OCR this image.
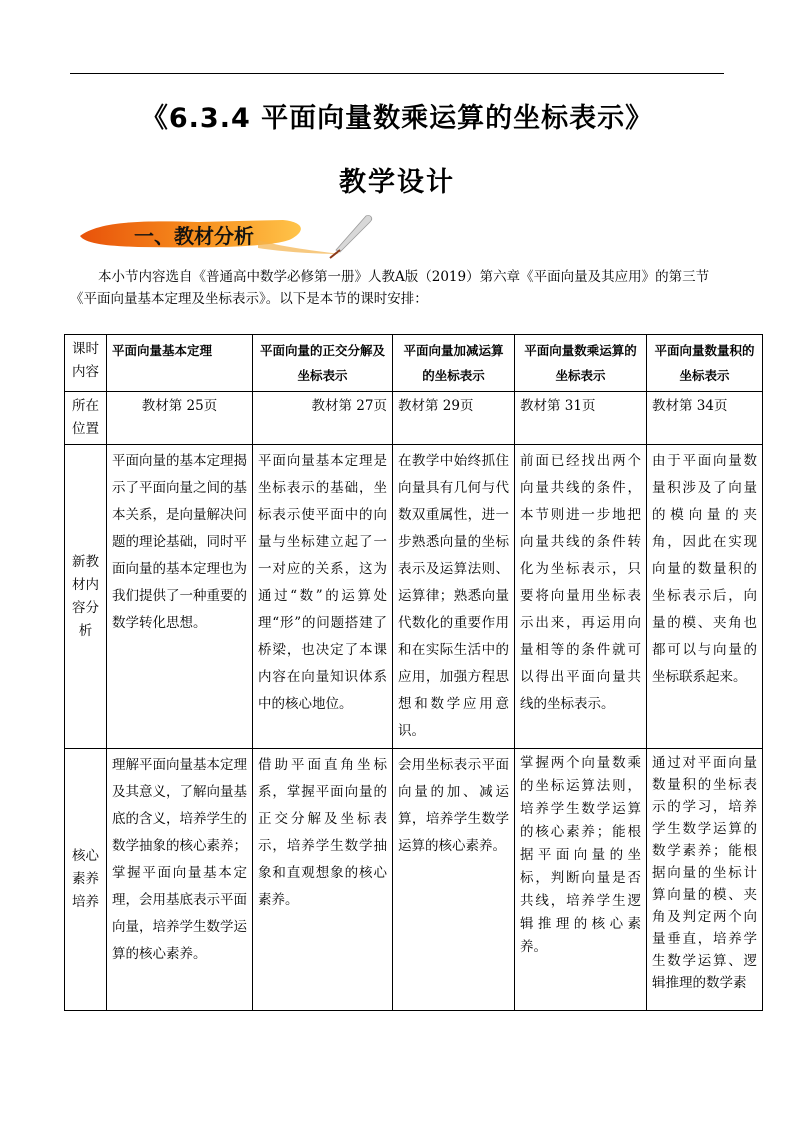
《6.3.4 平面向量数乘运算的坐标表示》
教学设计
一、教材分析

本小节内容选自《普通高中数学必修第一册》人教A版（2019）第六章《平面向量及其应用》的第三节《平面向量基本定理及坐标表示》。以下是本节的课时安排：

课时内容	平面向量基本定理	平面向量的正交分解及坐标表示	平面向量加减运算的坐标表示	平面向量数乘运算的坐标表示	平面向量数量积的坐标表示
所在位置	教材第 25页	教材第 27页	教材第 29页	教材第 31页	教材第 34页
新教材内容分析	平面向量的基本定理揭示了平面向量之间的基本关系，是向量解决问题的理论基础，同时平面向量的基本定理也为我们提供了一种重要的数学转化思想。	平面向量基本定理是坐标表示的基础，坐标表示使平面中的向量与坐标建立起了一一对应的关系，这为通过“数”的运算处理“形”的问题搭建了桥梁，也决定了本课内容在向量知识体系中的核心地位。	在教学中始终抓住向量具有几何与代数双重属性，进一步熟悉向量的坐标表示及运算法则、运算律；熟悉向量代数化的重要作用和在实际生活中的应用，加强方程思想和数学应用意识。	前面已经找出两个向量共线的条件，本节则进一步地把向量共线的条件转化为坐标表示，只要将向量用坐标表示出来，再运用向量相等的条件就可以得出平面向量共线的坐标表示。	由于平面向量数量积涉及了向量的模向量的夹角，因此在实现向量的数量积的坐标表示后，向量的模、夹角也都可以与向量的坐标联系起来。
核心素养培养	理解平面向量基本定理及其意义，了解向量基底的含义，培养学生的数学抽象的核心素养；掌握平面向量基本定理，会用基底表示平面向量，培养学生数学运算的核心素养。	借助平面直角坐标系，掌握平面向量的正交分解及坐标表示，培养学生数学抽象和直观想象的核心素养。	会用坐标表示平面向量的加、减运算，培养学生数学运算的核心素养。	掌握两个向量数乘的坐标运算法则，培养学生数学运算的核心素养；能根据平面向量的坐标，判断向量是否共线，培养学生逻辑推理的核心素养。	通过对平面向量数量积的坐标表示的学习，培养学生数学运算的数学素养；能根据向量的坐标计算向量的模、夹角及判定两个向量垂直，培养学生数学运算、逻辑推理的数学素
